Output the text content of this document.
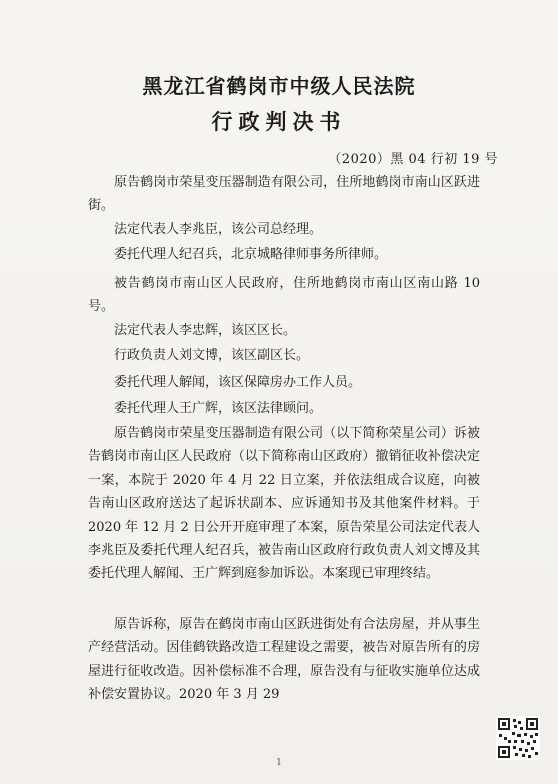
黑龙江省鹤岗市中级人民法院
行政判决书
（2020）黑 04 行初 19 号

原告鹤岗市荣星变压器制造有限公司，住所地鹤岗市南山区跃进街。

法定代表人李兆臣，该公司总经理。

委托代理人纪召兵，北京城略律师事务所律师。

被告鹤岗市南山区人民政府，住所地鹤岗市南山区南山路 10 号。

法定代表人李忠辉，该区区长。

行政负责人刘文博，该区副区长。

委托代理人解闻，该区保障房办工作人员。

委托代理人王广辉，该区法律顾问。

原告鹤岗市荣星变压器制造有限公司（以下简称荣星公司）诉被告鹤岗市南山区人民政府（以下简称南山区政府）撤销征收补偿决定一案，本院于 2020 年 4 月 22 日立案，并依法组成合议庭，向被告南山区政府送达了起诉状副本、应诉通知书及其他案件材料。于 2020 年 12 月 2 日公开开庭审理了本案，原告荣星公司法定代表人李兆臣及委托代理人纪召兵，被告南山区政府行政负责人刘文博及其委托代理人解闻、王广辉到庭参加诉讼。本案现已审理终结。

原告诉称，原告在鹤岗市南山区跃进街处有合法房屋，并从事生产经营活动。因佳鹤铁路改造工程建设之需要，被告对原告所有的房屋进行征收改造。因补偿标准不合理，原告没有与征收实施单位达成补偿安置协议。2020 年 3 月 29

1
